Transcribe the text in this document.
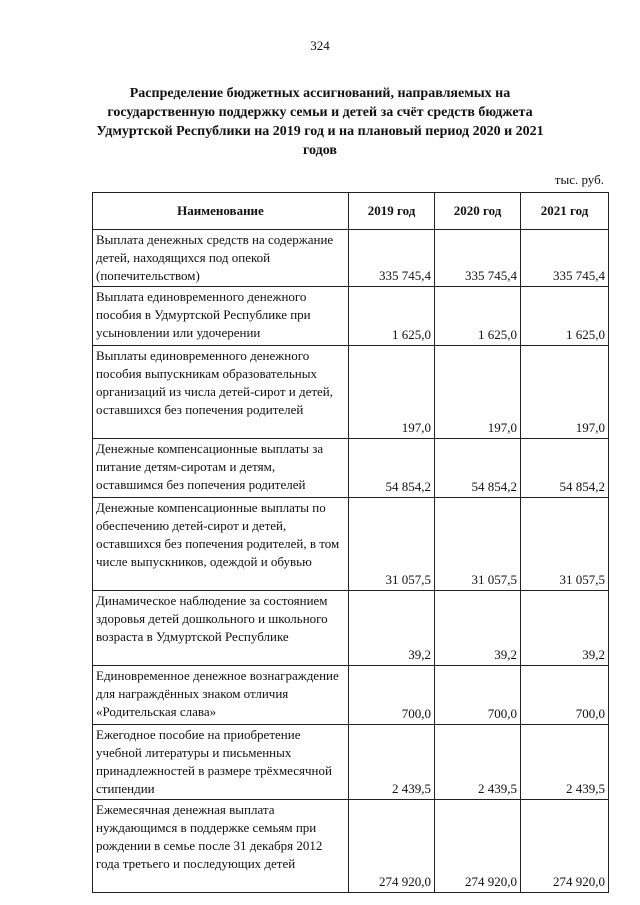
324
Распределение бюджетных ассигнований, направляемых на государственную поддержку семьи и детей за счёт средств бюджета Удмуртской Республики на 2019 год и на плановый период 2020 и 2021 годов
тыс. руб.
Наименование	2019 год	2020 год	2021 год
Выплата денежных средств на содержание детей, находящихся под опекой (попечительством)	335 745,4	335 745,4	335 745,4
Выплата единовременного денежного пособия в Удмуртской Республике при усыновлении или удочерении	1 625,0	1 625,0	1 625,0
Выплаты единовременного денежного пособия выпускникам образовательных организаций из числа детей-сирот и детей, оставшихся без попечения родителей	197,0	197,0	197,0
Денежные компенсационные выплаты за питание детям-сиротам и детям, оставшимся без попечения родителей	54 854,2	54 854,2	54 854,2
Денежные компенсационные выплаты по обеспечению детей-сирот и детей, оставшихся без попечения родителей, в том числе выпускников, одеждой и обувью	31 057,5	31 057,5	31 057,5
Динамическое наблюдение за состоянием здоровья детей дошкольного и школьного возраста в Удмуртской Республике	39,2	39,2	39,2
Единовременное денежное вознаграждение для награждённых знаком отличия «Родительская слава»	700,0	700,0	700,0
Ежегодное пособие на приобретение учебной литературы и письменных принадлежностей в размере трёхмесячной стипендии	2 439,5	2 439,5	2 439,5
Ежемесячная денежная выплата нуждающимся в поддержке семьям при рождении в семье после 31 декабря 2012 года третьего и последующих детей	274 920,0	274 920,0	274 920,0
